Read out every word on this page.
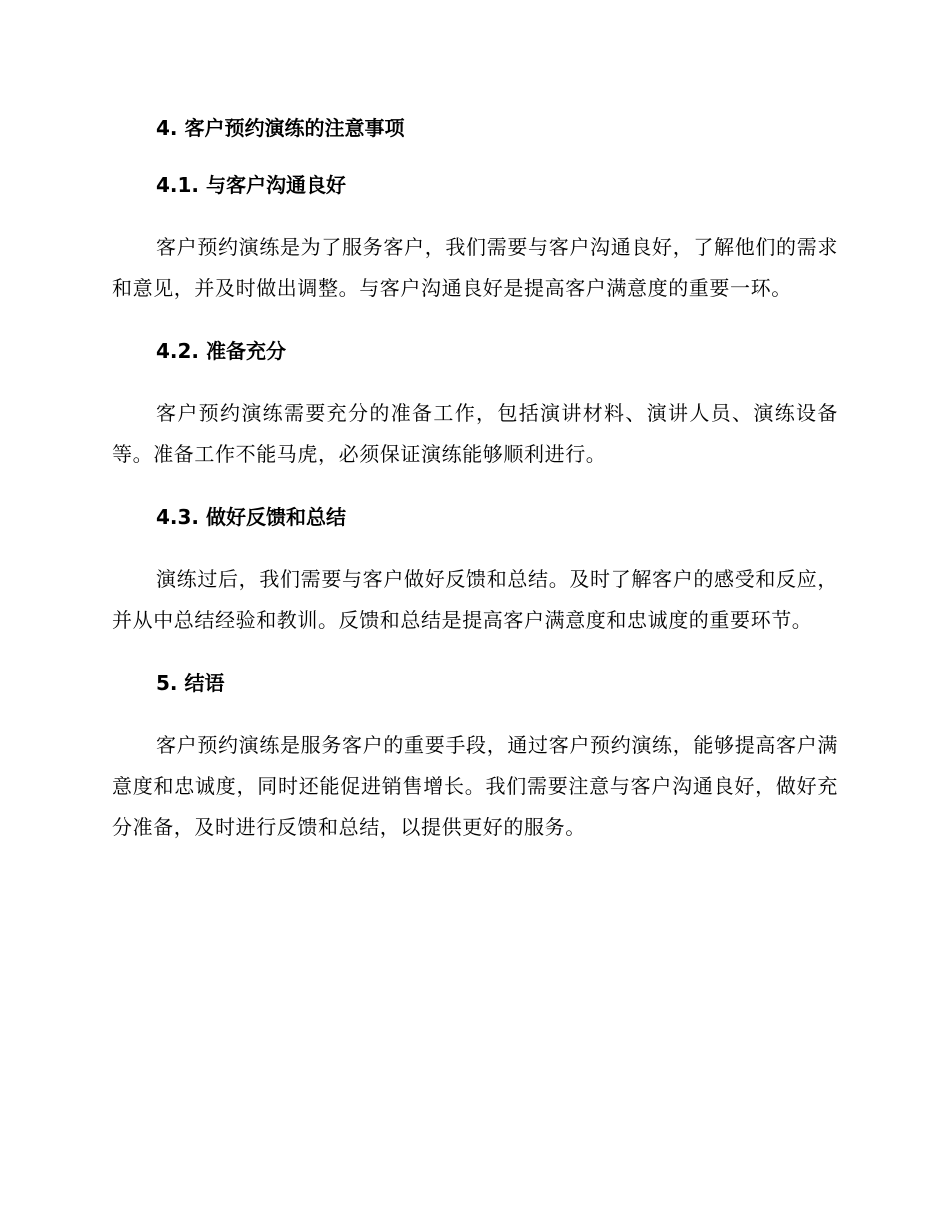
4. 客户预约演练的注意事项
4.1. 与客户沟通良好

客户预约演练是为了服务客户，我们需要与客户沟通良好，了解他们的需求和意见，并及时做出调整。与客户沟通良好是提高客户满意度的重要一环。

4.2. 准备充分

客户预约演练需要充分的准备工作，包括演讲材料、演讲人员、演练设备等。准备工作不能马虎，必须保证演练能够顺利进行。

4.3. 做好反馈和总结

演练过后，我们需要与客户做好反馈和总结。及时了解客户的感受和反应，并从中总结经验和教训。反馈和总结是提高客户满意度和忠诚度的重要环节。

5. 结语

客户预约演练是服务客户的重要手段，通过客户预约演练，能够提高客户满意度和忠诚度，同时还能促进销售增长。我们需要注意与客户沟通良好，做好充分准备，及时进行反馈和总结，以提供更好的服务。
